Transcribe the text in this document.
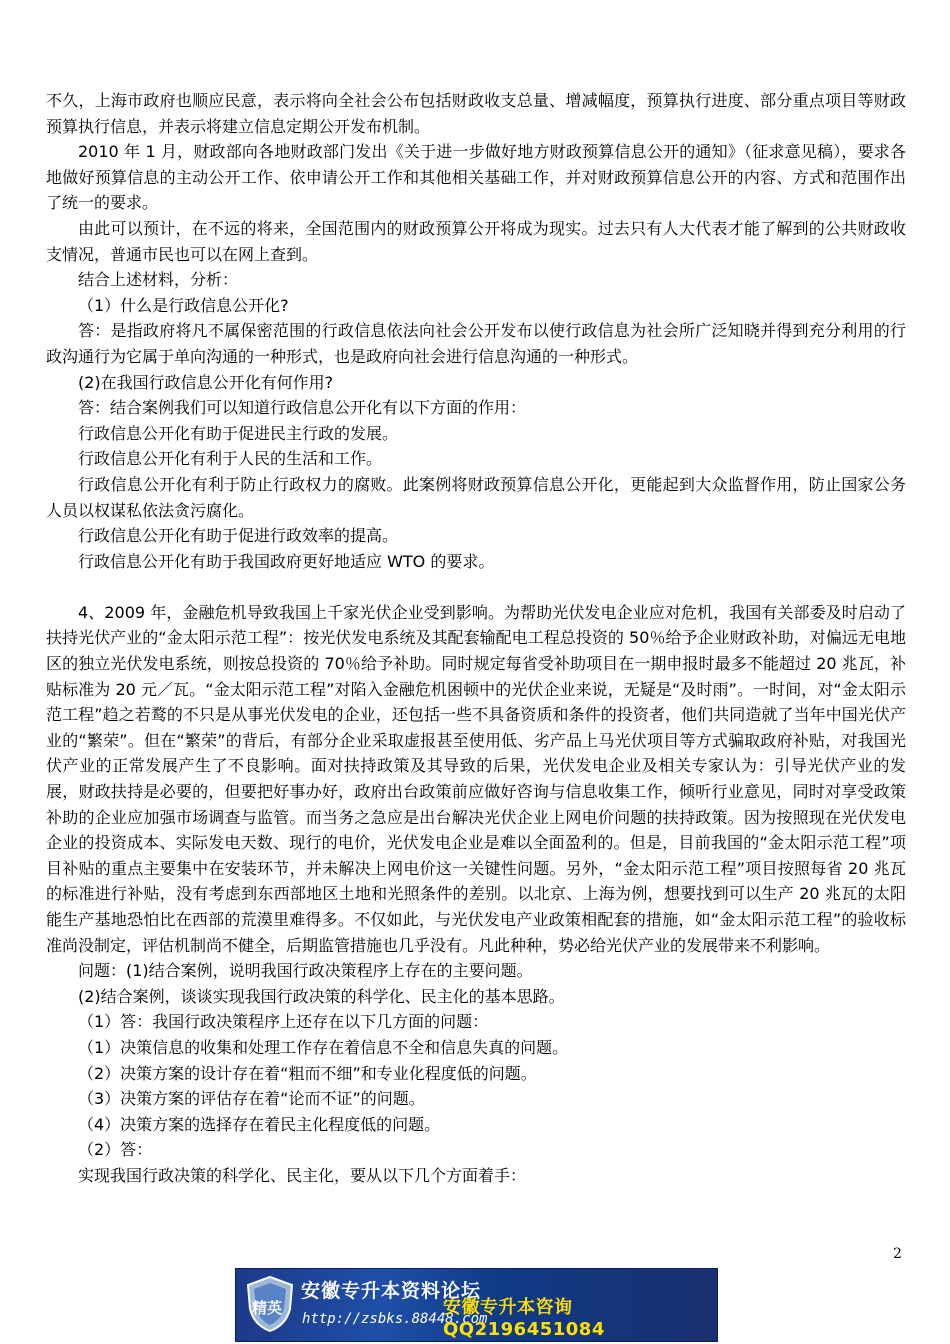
不久，上海市政府也顺应民意，表示将向全社会公布包括财政收支总量、增减幅度，预算执行进度、部分重点项目等财政预算执行信息，并表示将建立信息定期公开发布机制。

2010 年 1 月，财政部向各地财政部门发出《关于进一步做好地方财政预算信息公开的通知》（征求意见稿），要求各地做好预算信息的主动公开工作、依申请公开工作和其他相关基础工作，并对财政预算信息公开的内容、方式和范围作出了统一的要求。

由此可以预计，在不远的将来，全国范围内的财政预算公开将成为现实。过去只有人大代表才能了解到的公共财政收支情况，普通市民也可以在网上查到。

结合上述材料，分析：

（1）什么是行政信息公开化?

答：是指政府将凡不属保密范围的行政信息依法向社会公开发布以使行政信息为社会所广泛知晓并得到充分利用的行政沟通行为它属于单向沟通的一种形式，也是政府向社会进行信息沟通的一种形式。

(2)在我国行政信息公开化有何作用?

答：结合案例我们可以知道行政信息公开化有以下方面的作用：

行政信息公开化有助于促进民主行政的发展。

行政信息公开化有利于人民的生活和工作。

行政信息公开化有利于防止行政权力的腐败。此案例将财政预算信息公开化，更能起到大众监督作用，防止国家公务人员以权谋私依法贪污腐化。

行政信息公开化有助于促进行政效率的提高。

行政信息公开化有助于我国政府更好地适应 WTO 的要求。

4、2009 年，金融危机导致我国上千家光伏企业受到影响。为帮助光伏发电企业应对危机，我国有关部委及时启动了扶持光伏产业的“金太阳示范工程”：按光伏发电系统及其配套输配电工程总投资的 50％给予企业财政补助，对偏远无电地区的独立光伏发电系统，则按总投资的 70％给予补助。同时规定每省受补助项目在一期申报时最多不能超过 20 兆瓦，补贴标准为 20 元／瓦。“金太阳示范工程”对陷入金融危机困顿中的光伏企业来说，无疑是“及时雨”。一时间，对“金太阳示范工程”趋之若鹜的不只是从事光伏发电的企业，还包括一些不具备资质和条件的投资者，他们共同造就了当年中国光伏产业的“繁荣”。但在“繁荣”的背后，有部分企业采取虚报甚至使用低、劣产品上马光伏项目等方式骗取政府补贴，对我国光伏产业的正常发展产生了不良影响。面对扶持政策及其导致的后果，光伏发电企业及相关专家认为：引导光伏产业的发展，财政扶持是必要的，但要把好事办好，政府出台政策前应做好咨询与信息收集工作，倾听行业意见，同时对享受政策补助的企业应加强市场调查与监管。而当务之急应是出台解决光伏企业上网电价问题的扶持政策。因为按照现在光伏发电企业的投资成本、实际发电天数、现行的电价，光伏发电企业是难以全面盈利的。但是，目前我国的“金太阳示范工程”项目补贴的重点主要集中在安装环节，并未解决上网电价这一关键性问题。另外，“金太阳示范工程”项目按照每省 20 兆瓦的标准进行补贴，没有考虑到东西部地区土地和光照条件的差别。以北京、上海为例，想要找到可以生产 20 兆瓦的太阳能生产基地恐怕比在西部的荒漠里难得多。不仅如此，与光伏发电产业政策相配套的措施，如“金太阳示范工程”的验收标准尚没制定，评估机制尚不健全，后期监管措施也几乎没有。凡此种种，势必给光伏产业的发展带来不利影响。

问题：(1)结合案例，说明我国行政决策程序上存在的主要问题。

(2)结合案例，谈谈实现我国行政决策的科学化、民主化的基本思路。

（1）答：我国行政决策程序上还存在以下几方面的问题：

（1）决策信息的收集和处理工作存在着信息不全和信息失真的问题。

（2）决策方案的设计存在着“粗而不细”和专业化程度低的问题。

（3）决策方案的评估存在着“论而不证”的问题。

（4）决策方案的选择存在着民主化程度低的问题。

（2）答：

实现我国行政决策的科学化、民主化，要从以下几个方面着手：

2
精英
安徽专升本资料论坛
http://zsbks.88448.com
安徽专升本咨询QQ2196451084
